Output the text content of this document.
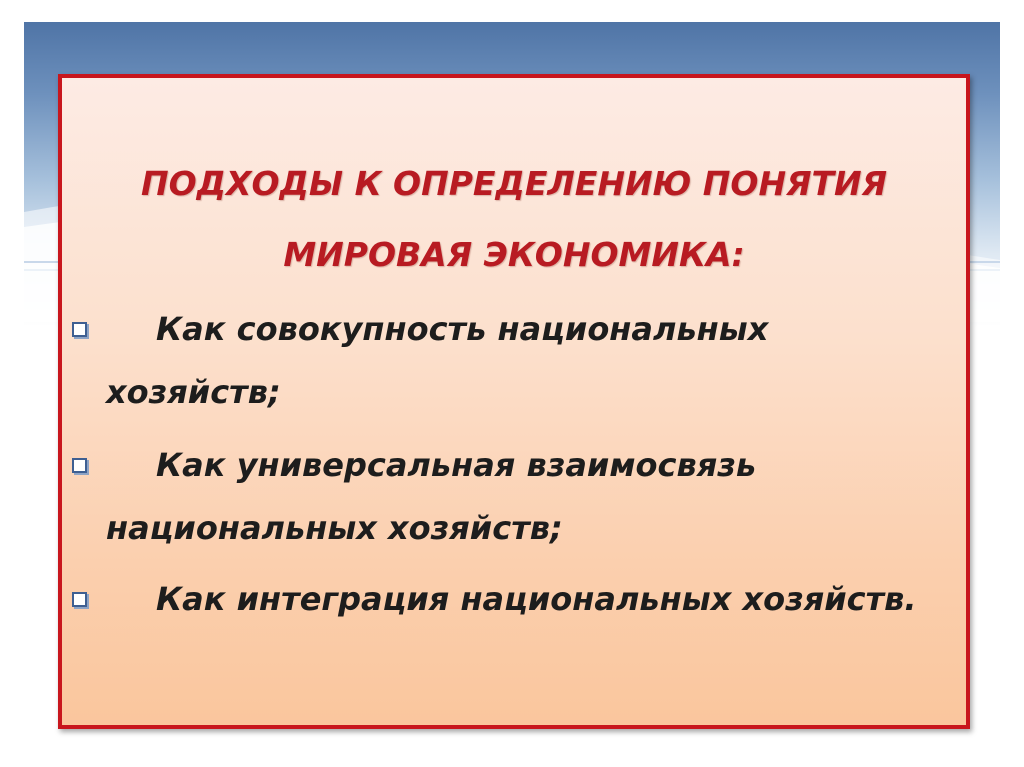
ПОДХОДЫ К ОПРЕДЕЛЕНИЮ ПОНЯТИЯ
МИРОВАЯ ЭКОНОМИКА:
Как совокупность национальных хозяйств;
Как универсальная взаимосвязь национальных хозяйств;
Как интеграция национальных хозяйств.
